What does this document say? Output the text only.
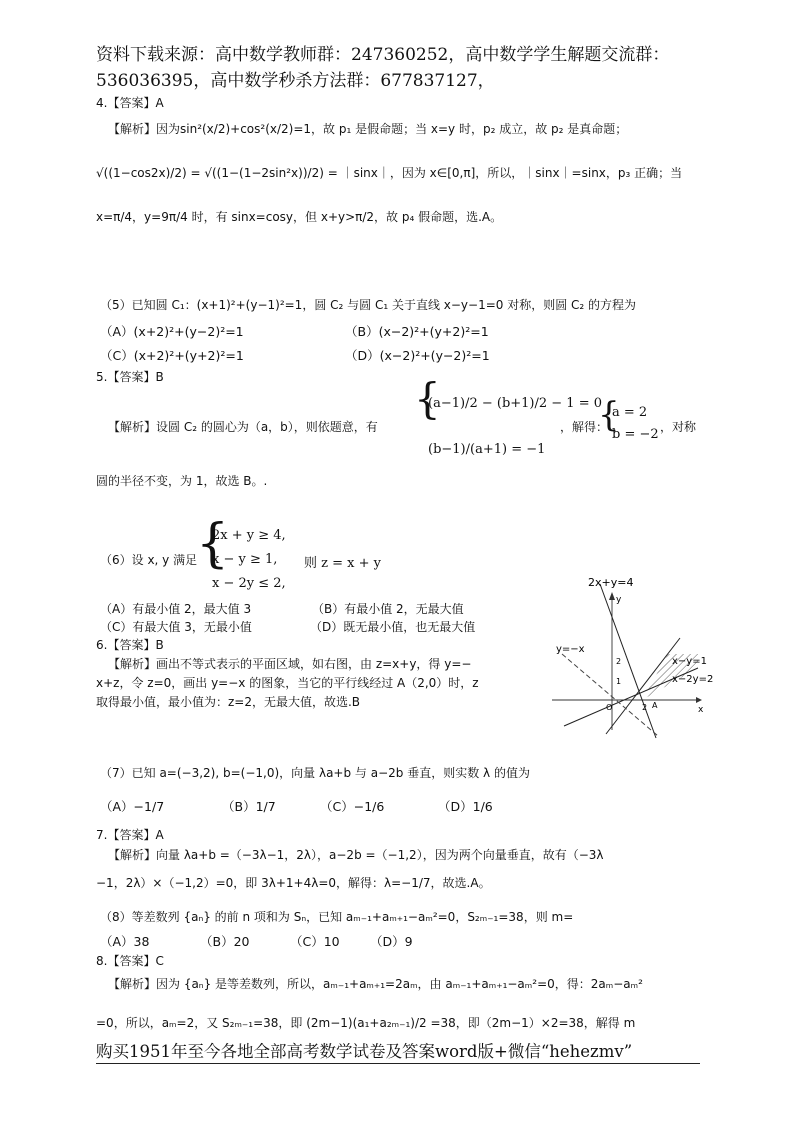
资料下载来源：高中数学教师群：247360252，高中数学学生解题交流群：
536036395，高中数学秒杀方法群：677837127，
4.【答案】A
【解析】因为sin²(x/2)+cos²(x/2)=1，故 p₁ 是假命题；当 x=y 时，p₂ 成立，故 p₂ 是真命题；
√((1−cos2x)/2) = √((1−(1−2sin²x))/2) = ｜sinx｜，因为 x∈[0,π]，所以，｜sinx｜=sinx，p₃ 正确；当
x=π/4，y=9π/4 时，有 sinx=cosy，但 x+y>π/2，故 p₄ 假命题，选.A。
（5）已知圆 C₁：(x+1)²+(y−1)²=1，圆 C₂ 与圆 C₁ 关于直线 x−y−1=0 对称，则圆 C₂ 的方程为
（A）(x+2)²+(y−2)²=1	（B）(x−2)²+(y+2)²=1
（C）(x+2)²+(y+2)²=1	（D）(x−2)²+(y−2)²=1
5.【答案】B
【解析】设圆 C₂ 的圆心为（a，b），则依题意，有
{
(a−1)/2 − (b+1)/2 − 1 = 0
(b−1)/(a+1) = −1
，解得：
{
a = 2
b = −2 ，对称
圆的半径不变，为 1，故选 B。.
（6）设 x, y 满足
{
2x + y ≥ 4,
x − y ≥ 1,
x − 2y ≤ 2,
则 z = x + y
（A）有最小值 2，最大值 3	（B）有最小值 2，无最大值
（C）有最大值 3，无最小值	（D）既无最小值，也无最大值
6.【答案】B
【解析】画出不等式表示的平面区域，如右图，由 z=x+y，得 y=−
x+z，令 z=0，画出 y=−x 的图象，当它的平行线经过 A（2,0）时，z
取得最小值，最小值为：z=2，无最大值，故选.B
2x+y=4
y=−x
x−y=1
x−2y=2
y
x
A
O
2
1
2
（7）已知 a=(−3,2), b=(−1,0)，向量 λa+b 与 a−2b 垂直，则实数 λ 的值为
（A）−1/7	（B）1/7	（C）−1/6	（D）1/6
7.【答案】A
【解析】向量 λa+b =（−3λ−1，2λ），a−2b =（−1,2），因为两个向量垂直，故有（−3λ
−1，2λ）×（−1,2）=0，即 3λ+1+4λ=0，解得：λ=−1/7，故选.A。
（8）等差数列 {aₙ} 的前 n 项和为 Sₙ，已知 aₘ₋₁+aₘ₊₁−aₘ²=0，S₂ₘ₋₁=38，则 m=
（A）38	（B）20	（C）10 （D）9
8.【答案】C
【解析】因为 {aₙ} 是等差数列，所以，aₘ₋₁+aₘ₊₁=2aₘ，由 aₘ₋₁+aₘ₊₁−aₘ²=0，得：2aₘ−aₘ²
=0，所以，aₘ=2，又 S₂ₘ₋₁=38，即 (2m−1)(a₁+a₂ₘ₋₁)/2 =38，即（2m−1）×2=38，解得 m
购买1951年至今各地全部高考数学试卷及答案word版+微信“hehezmv”
